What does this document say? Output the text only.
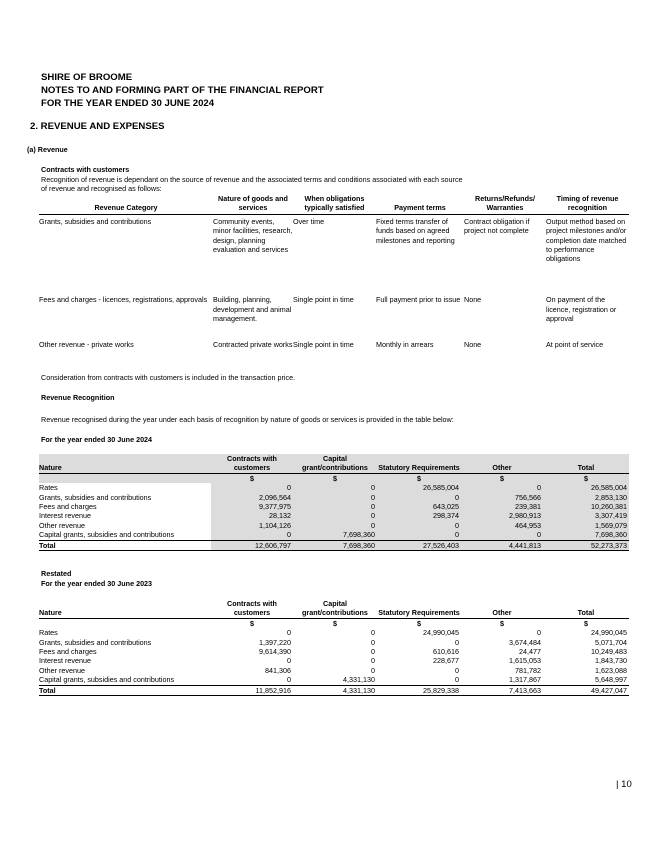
SHIRE OF BROOME
NOTES TO AND FORMING PART OF THE FINANCIAL REPORT
FOR THE YEAR ENDED 30 JUNE 2024
2. REVENUE AND EXPENSES
(a) Revenue
Contracts with customers
Recognition of revenue is dependant on the source of revenue and the associated terms and conditions associated with each source
of revenue and recognised as follows:
Revenue Category	Nature of goods and services	When obligations typically satisfied	Payment terms	Returns/Refunds/ Warranties	Timing of revenue recognition
Grants, subsidies and contributions	Community events, minor facilities, research, design, planning evaluation and services	Over time	Fixed terms transfer of funds based on agreed milestones and reporting	Contract obligation if project not complete	Output method based on project milestones and/or completion date matched to performance obligations
Fees and charges - licences, registrations, approvals	Building, planning, development and animal management.	Single point in time	Full payment prior to issue	None	On payment of the licence, registration or approval
Other revenue - private works	Contracted private works	Single point in time	Monthly in arrears	None	At point of service
Consideration from contracts with customers is included in the transaction price.
Revenue Recognition
Revenue recognised during the year under each basis of recognition by nature of goods or services is provided in the table below:
For the year ended 30 June 2024
Nature	Contracts with customers	Capital grant/contributions	Statutory Requirements	Other	Total
	$	$	$	$	$
Rates	0	0	26,585,004	0	26,585,004
Grants, subsidies and contributions	2,096,564	0	0	756,566	2,853,130
Fees and charges	9,377,975	0	643,025	239,381	10,260,381
Interest revenue	28,132	0	298,374	2,980,913	3,307,419
Other revenue	1,104,126	0	0	464,953	1,569,079
Capital grants, subsidies and contributions	0	7,698,360	0	0	7,698,360
Total	12,606,797	7,698,360	27,526,403	4,441,813	52,273,373
Restated
For the year ended 30 June 2023
Nature	Contracts with customers	Capital grant/contributions	Statutory Requirements	Other	Total
	$	$	$	$	$
Rates	0	0	24,990,045	0	24,990,045
Grants, subsidies and contributions	1,397,220	0	0	3,674,484	5,071,704
Fees and charges	9,614,390	0	610,616	24,477	10,249,483
Interest revenue	0	0	228,677	1,615,053	1,843,730
Other revenue	841,306	0	0	781,782	1,623,088
Capital grants, subsidies and contributions	0	4,331,130	0	1,317,867	5,648,997
Total	11,852,916	4,331,130	25,829,338	7,413,663	49,427,047
| 10
